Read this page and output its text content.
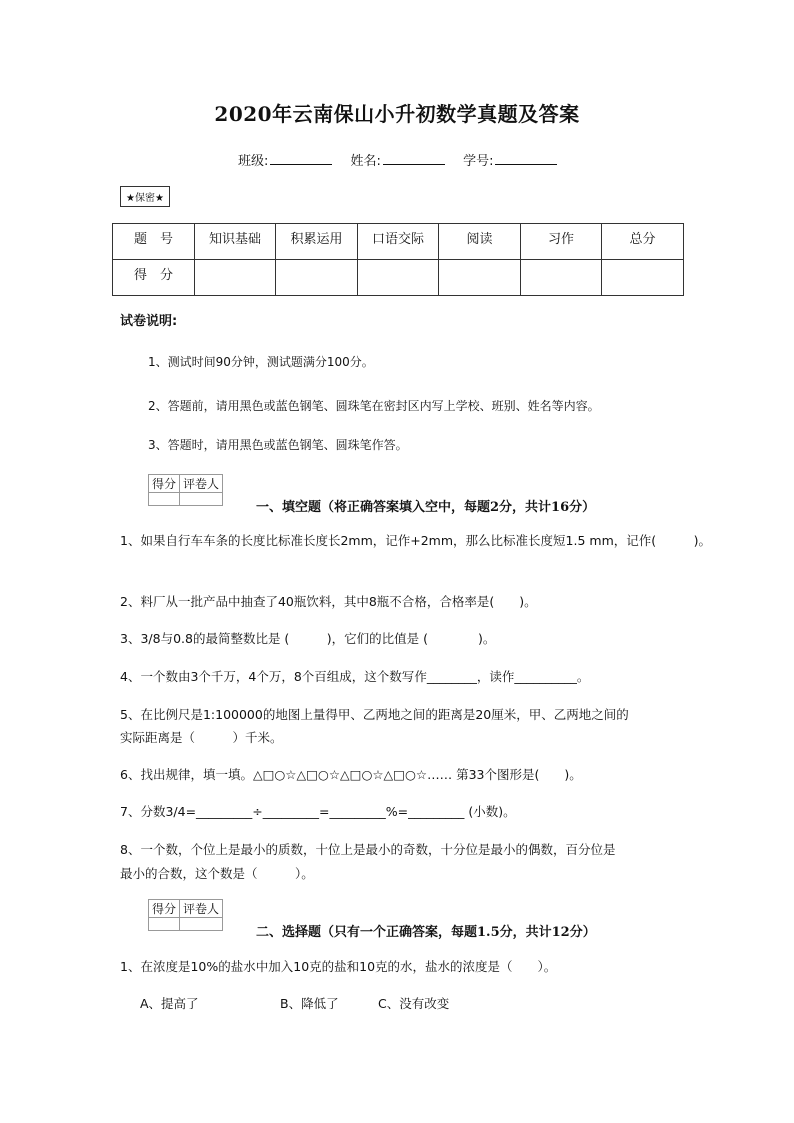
2020年云南保山小升初数学真题及答案
班级:	姓名:	学号:
★保密★
题　号	知识基础	积累运用	口语交际	阅读	习作	总分
得　分						
试卷说明:
1、测试时间90分钟，测试题满分100分。
2、答题前，请用黑色或蓝色钢笔、圆珠笔在密封区内写上学校、班别、姓名等内容。
3、答题时，请用黑色或蓝色钢笔、圆珠笔作答。
得分	评卷人

一、填空题（将正确答案填入空中，每题2分，共计16分）
1、如果自行车车条的长度比标准长度长2mm，记作+2mm，那么比标准长度短1.5 mm，记作(　　　)。
2、料厂从一批产品中抽查了40瓶饮料，其中8瓶不合格，合格率是(　　)。
3、3/8与0.8的最简整数比是 (　　　)，它们的比值是 (　　　　)。
4、一个数由3个千万，4个万，8个百组成，这个数写作________，读作__________。
5、在比例尺是1:100000的地图上量得甲、乙两地之间的距离是20厘米，甲、乙两地之间的
实际距离是（　　　）千米。
6、找出规律，填一填。△□○☆△□○☆△□○☆△□○☆…… 第33个图形是(　　)。
7、分数3/4=_________÷_________=_________%=_________ (小数)。
8、一个数，个位上是最小的质数，十位上是最小的奇数，十分位是最小的偶数，百分位是
最小的合数，这个数是（　　　）。
得分	评卷人

二、选择题（只有一个正确答案，每题1.5分，共计12分）
1、在浓度是10%的盐水中加入10克的盐和10克的水，盐水的浓度是（　　）。
A、提高了	B、降低了	C、没有改变
